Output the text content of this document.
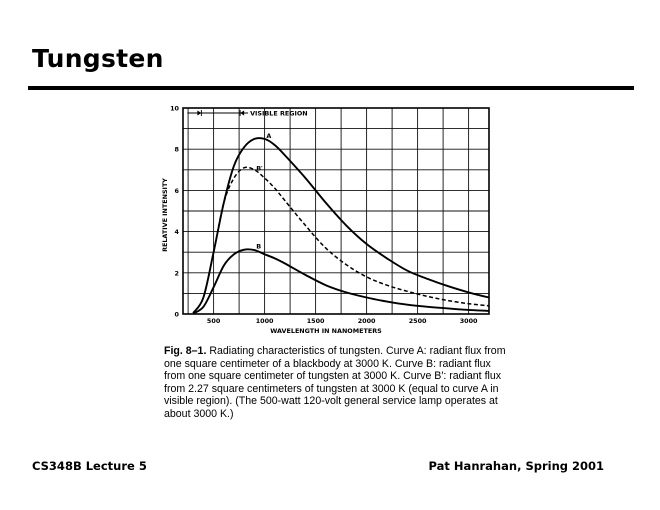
Tungsten
500	1000	1500	2000	2500	3000
0
2
4
6
8
10
A
B′
B
RELATIVE INTENSITY
WAVELENGTH IN NANOMETERS
VISIBLE REGION

Fig. 8–1. Radiating characteristics of tungsten. Curve A: radiant flux from one square centimeter of a blackbody at 3000 K. Curve B: radiant flux from one square centimeter of tungsten at 3000 K. Curve B′: radiant flux from 2.27 square centimeters of tungsten at 3000 K (equal to curve A in visible region). (The 500-watt 120-volt general service lamp operates at about 3000 K.)

CS348B Lecture 5	Pat Hanrahan, Spring 2001
